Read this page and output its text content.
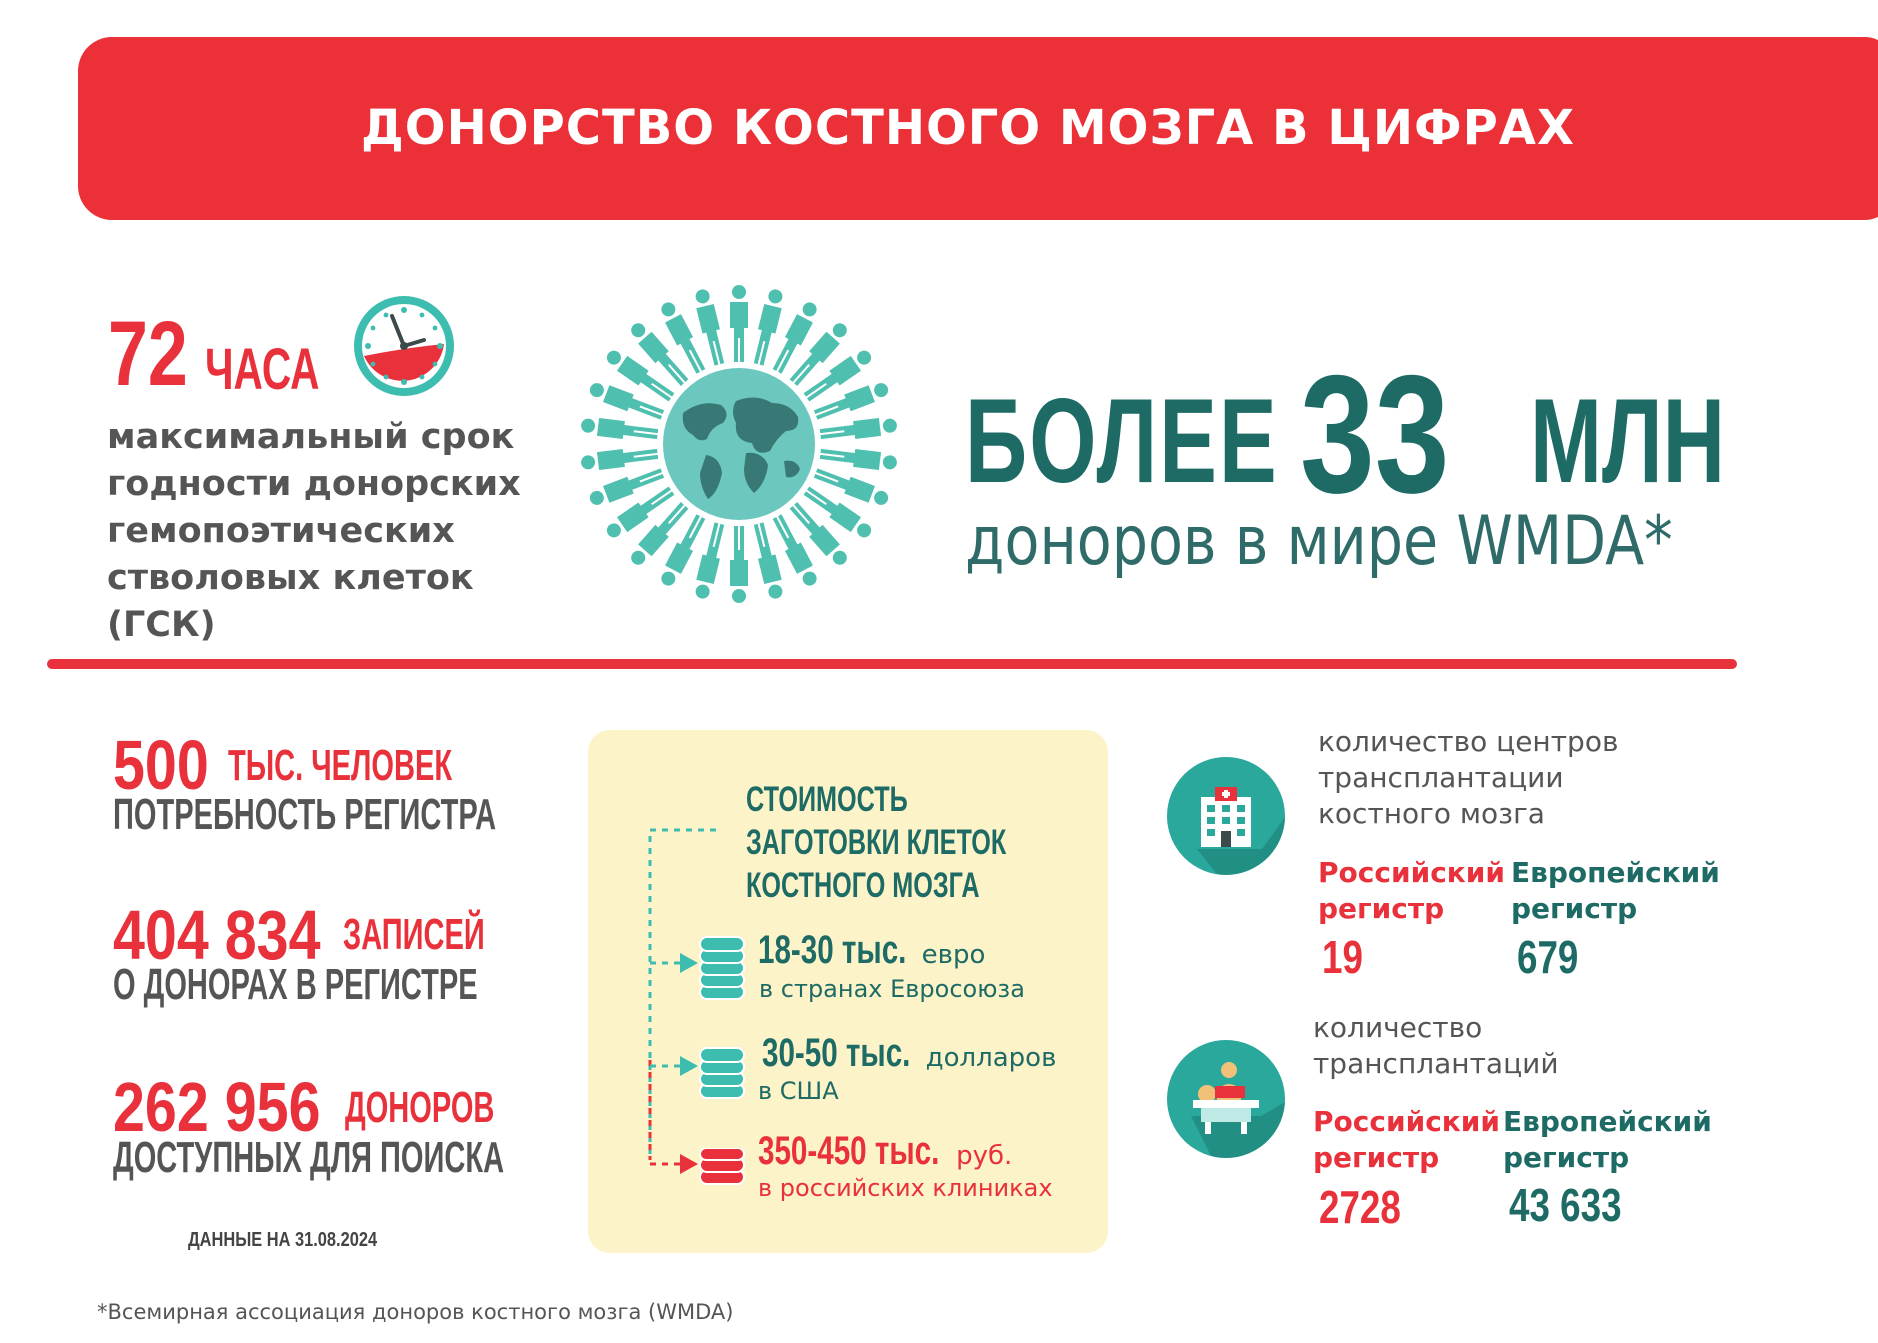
ДОНОРСТВО КОСТНОГО МОЗГА В ЦИФРАХ
72 ЧАСА
максимальный срок
годности донорских
гемопоэтических
стволовых клеток (ГСК)
БОЛЕЕ 33 МЛН
доноров в мире WMDA*
500 ТЫС. ЧЕЛОВЕК
ПОТРЕБНОСТЬ РЕГИСТРА
404 834 ЗАПИСЕЙ
О ДОНОРАХ В РЕГИСТРЕ
262 956 ДОНОРОВ
ДОСТУПНЫХ ДЛЯ ПОИСКА
ДАННЫЕ НА 31.08.2024
СТОИМОСТЬ
ЗАГОТОВКИ КЛЕТОК
КОСТНОГО МОЗГА
18-30 тыс. евро
в странах Евросоюза
30-50 тыс. долларов
в США
350-450 тыс. руб.
в российских клиниках
количество центров
трансплантации
костного мозга
Российский
регистр
Европейский
регистр
19	679
количество
трансплантаций
Российский
регистр
Европейский
регистр
2728 43 633
*Всемирная ассоциация доноров костного мозга (WMDA)
